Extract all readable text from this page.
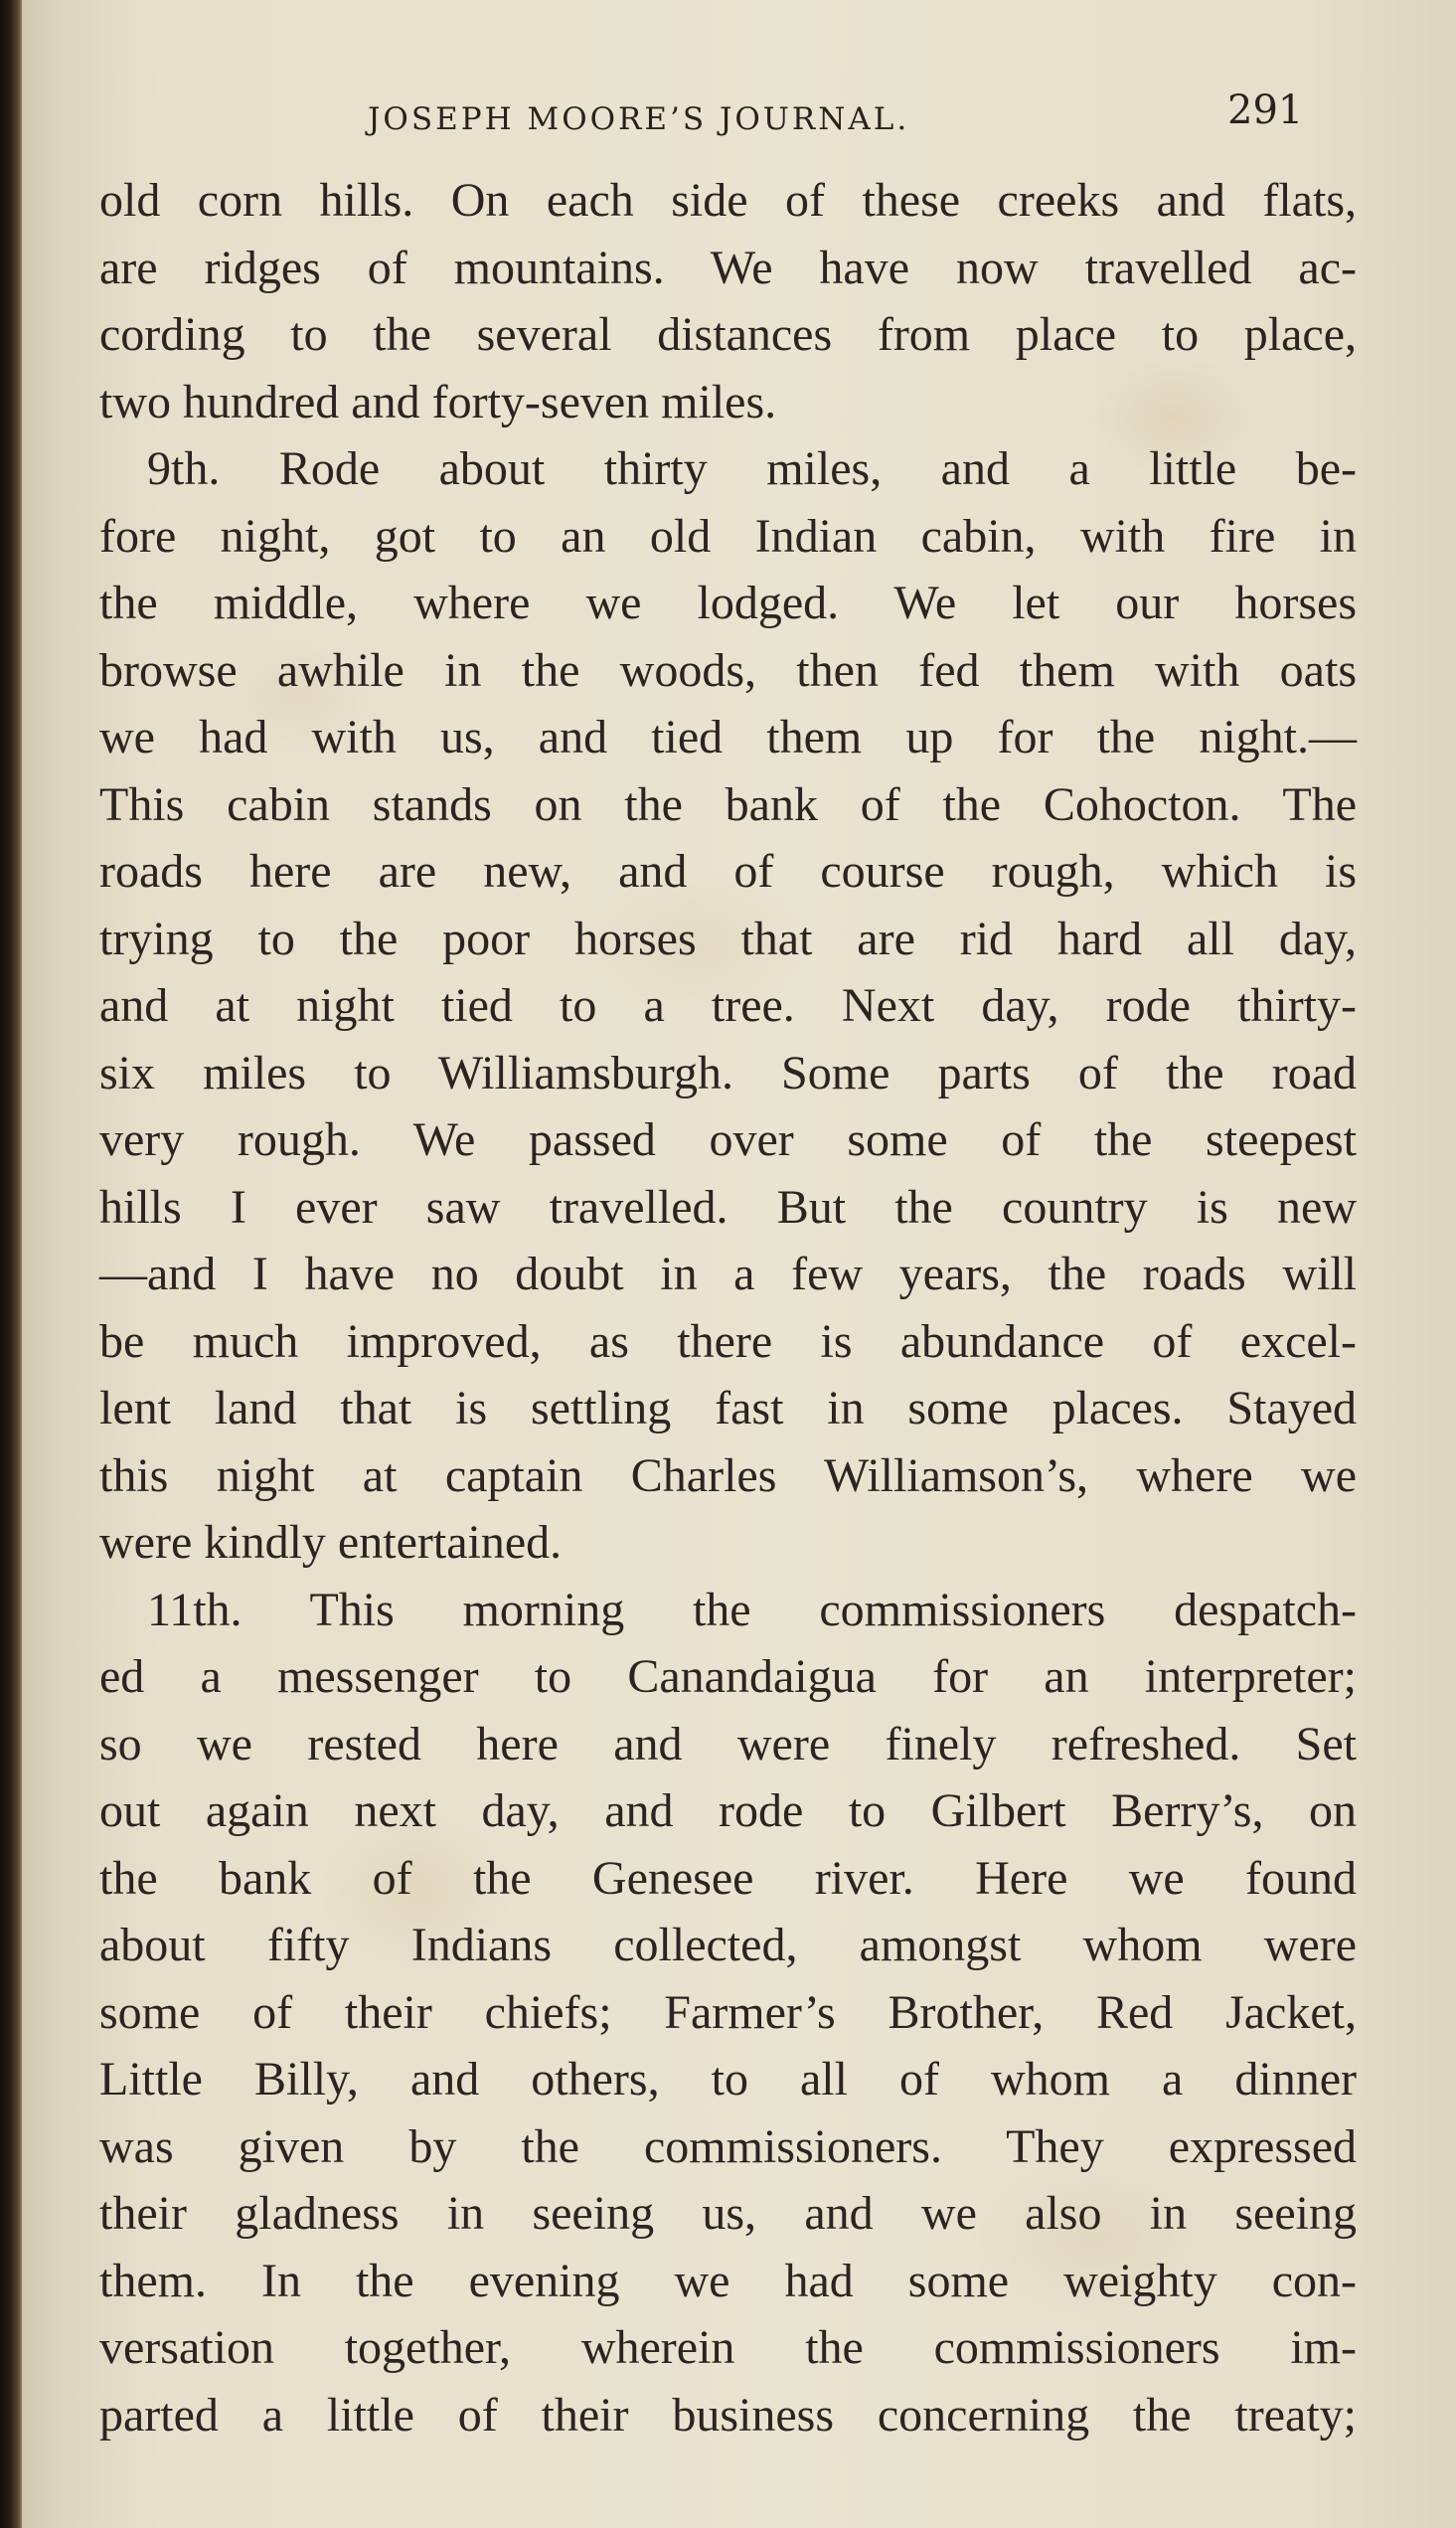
JOSEPH MOORE’S JOURNAL.	291
old corn hills. On each side of these creeks and flats,
are ridges of mountains. We have now travelled ac-
cording to the several distances from place to place,
two hundred and forty-seven miles.
9th. Rode about thirty miles, and a little be-
fore night, got to an old Indian cabin, with fire in
the middle, where we lodged. We let our horses
browse awhile in the woods, then fed them with oats
we had with us, and tied them up for the night.—
This cabin stands on the bank of the Cohocton. The
roads here are new, and of course rough, which is
trying to the poor horses that are rid hard all day,
and at night tied to a tree. Next day, rode thirty-
six miles to Williamsburgh. Some parts of the road
very rough. We passed over some of the steepest
hills I ever saw travelled. But the country is new
—and I have no doubt in a few years, the roads will
be much improved, as there is abundance of excel-
lent land that is settling fast in some places. Stayed
this night at captain Charles Williamson’s, where we
were kindly entertained.
11th. This morning the commissioners despatch-
ed a messenger to Canandaigua for an interpreter;
so we rested here and were finely refreshed. Set
out again next day, and rode to Gilbert Berry’s, on
the bank of the Genesee river. Here we found
about fifty Indians collected, amongst whom were
some of their chiefs; Farmer’s Brother, Red Jacket,
Little Billy, and others, to all of whom a dinner
was given by the commissioners. They expressed
their gladness in seeing us, and we also in seeing
them. In the evening we had some weighty con-
versation together, wherein the commissioners im-
parted a little of their business concerning the treaty;
